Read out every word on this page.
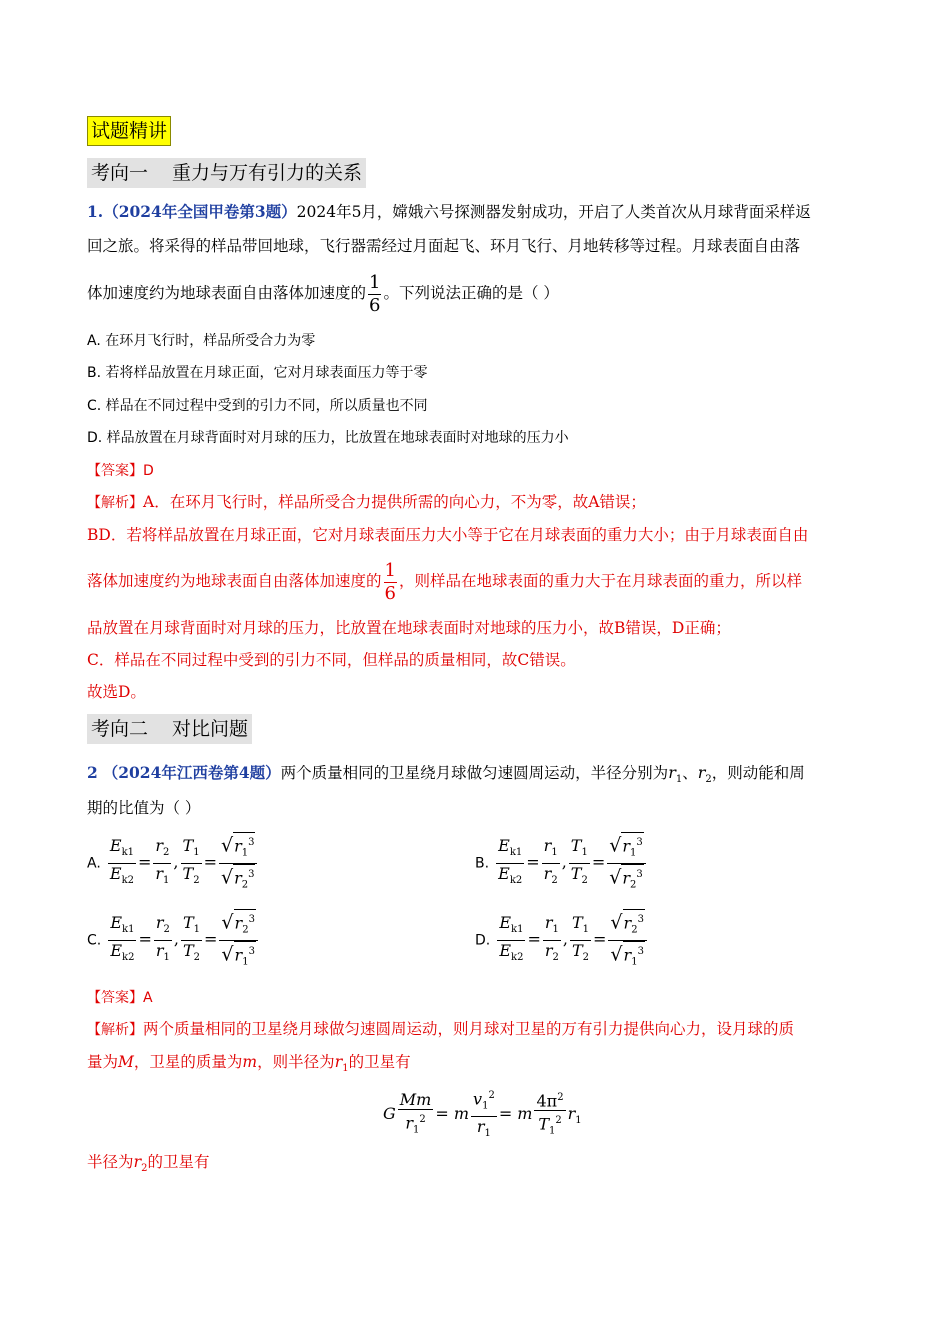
试题精讲
考向一 重力与万有引力的关系
1.（2024年全国甲卷第3题）2024年5月，嫦娥六号探测器发射成功，开启了人类首次从月球背面采样返
回之旅。将采得的样品带回地球，飞行器需经过月面起飞、环月飞行、月地转移等过程。月球表面自由落
体加速度约为地球表面自由落体加速度的 $\frac{1}{6}$ 。下列说法正确的是（ ）
A. 在环月飞行时，样品所受合力为零
B. 若将样品放置在月球正面，它对月球表面压力等于零
C. 样品在不同过程中受到的引力不同，所以质量也不同
D. 样品放置在月球背面时对月球的压力，比放置在地球表面时对地球的压力小
【答案】D
【解析】A．在环月飞行时，样品所受合力提供所需的向心力，不为零，故A错误；
BD．若将样品放置在月球正面，它对月球表面压力大小等于它在月球表面的重力大小；由于月球表面自由
落体加速度约为地球表面自由落体加速度的 $\frac{1}{6}$ ，则样品在地球表面的重力大于在月球表面的重力，所以样
品放置在月球背面时对月球的压力，比放置在地球表面时对地球的压力小，故B错误，D正确；
C．样品在不同过程中受到的引力不同，但样品的质量相同，故C错误。
故选D。
考向二 对比问题
2 （2024年江西卷第4题）两个质量相同的卫星绕月球做匀速圆周运动，半径分别为$r_1$、$r_2$，则动能和周
期的比值为（ ）
A. $\frac{E_{k1}}{E_{k2}} = \frac{r_2}{r_1}$ , $\frac{T_1}{T_2} = \frac{√r_1^3}{√r_2^3}$	B. $\frac{E_{k1}}{E_{k2}} = \frac{r_1}{r_2}$ , $\frac{T_1}{T_2} = \frac{√r_1^3}{√r_2^3}$
C. $\frac{E_{k1}}{E_{k2}} = \frac{r_2}{r_1}$ , $\frac{T_1}{T_2} = \frac{√r_2^3}{√r_1^3}$	D. $\frac{E_{k1}}{E_{k2}} = \frac{r_1}{r_2}$ , $\frac{T_1}{T_2} = \frac{√r_2^3}{√r_1^3}$
【答案】A
【解析】两个质量相同的卫星绕月球做匀速圆周运动，则月球对卫星的万有引力提供向心力，设月球的质
量为M，卫星的质量为m，则半径为$r_1$的卫星有
G $\frac{Mm}{r_1^2} = m \frac{v_1^2}{r_1} = m \frac{4\pi^2}{T_1^2} r_1$
半径为$r_2$的卫星有
